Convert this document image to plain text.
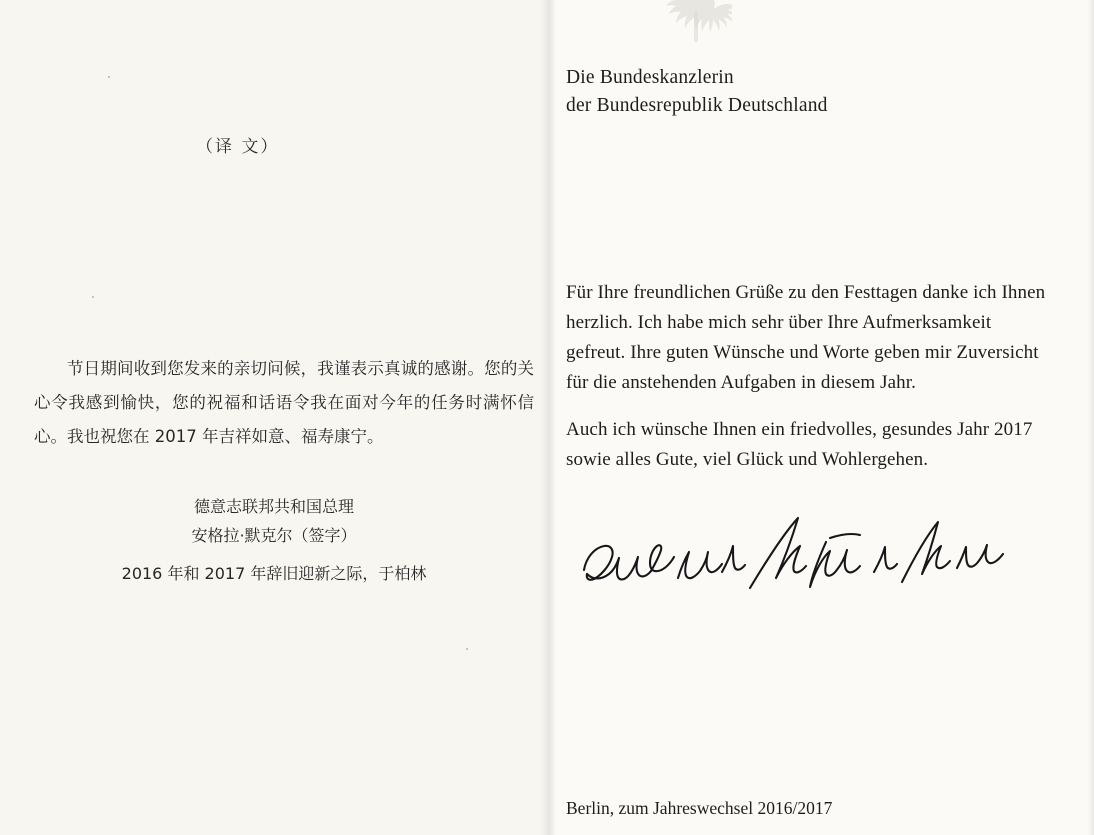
（译 文）
节日期间收到您发来的亲切问候，我谨表示真诚的感谢。您的关心令我感到愉快，您的祝福和话语令我在面对今年的任务时满怀信心。我也祝您在 2017 年吉祥如意、福寿康宁。
德意志联邦共和国总理
安格拉·默克尔（签字）
2016 年和 2017 年辞旧迎新之际，于柏林
Die Bundeskanzlerin
der Bundesrepublik Deutschland
Für Ihre freundlichen Grüße zu den Festtagen danke ich Ihnen herzlich. Ich habe mich sehr über Ihre Aufmerksamkeit gefreut. Ihre guten Wünsche und Worte geben mir Zuversicht für die anstehenden Aufgaben in diesem Jahr.
Auch ich wünsche Ihnen ein friedvolles, gesundes Jahr 2017 sowie alles Gute, viel Glück und Wohlergehen.
Berlin, zum Jahreswechsel 2016/2017
